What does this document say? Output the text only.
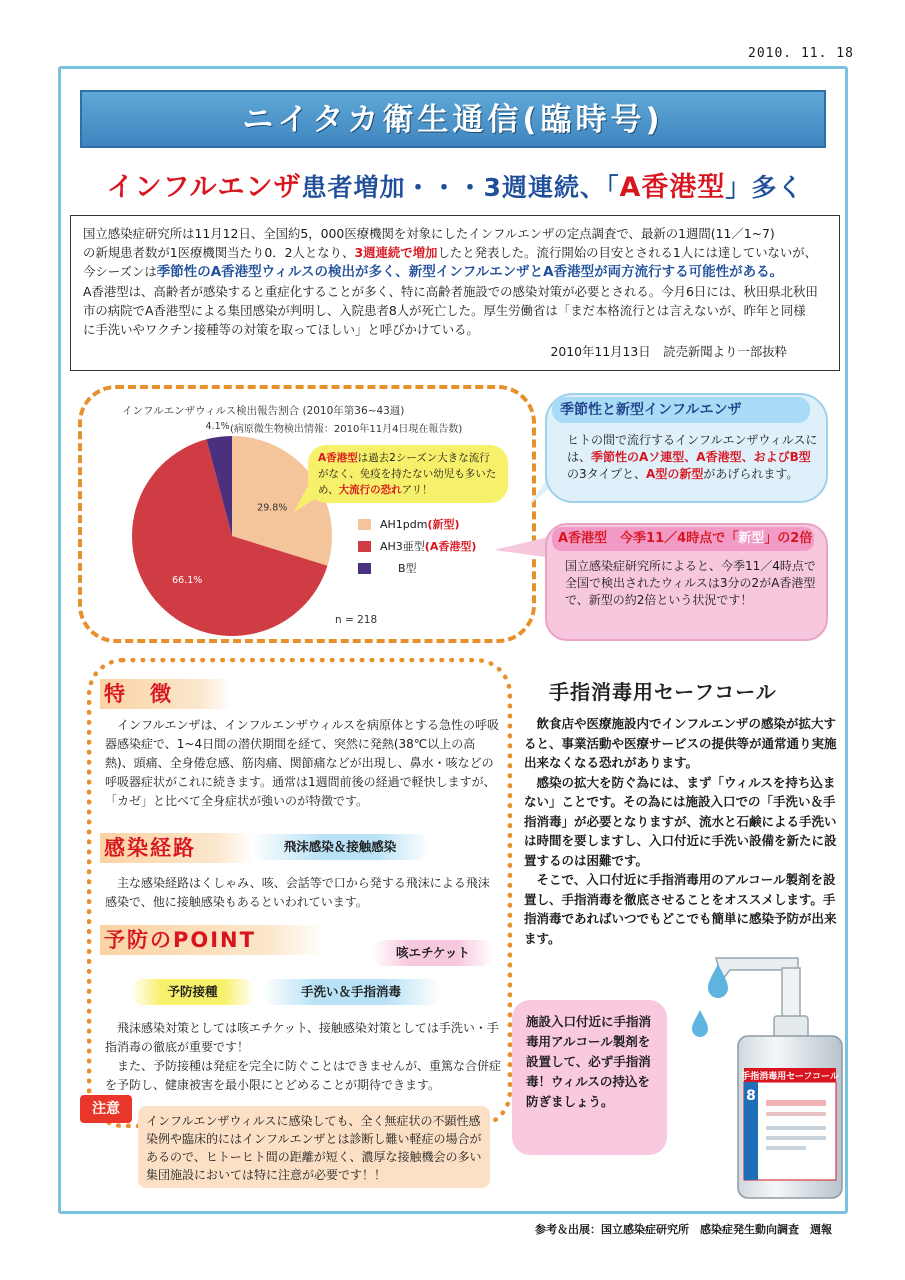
2010. 11. 18
ニイタカ衛生通信(臨時号)
インフルエンザ患者増加・・・3週連続、「A香港型」多く

国立感染症研究所は11月12日、全国約5，000医療機関を対象にしたインフルエンザの定点調査で、最新の1週間(11／1~7)

の新規患者数が1医療機関当たり0．2人となり、3週連続で増加したと発表した。流行開始の目安とされる1人には達していないが、

今シーズンは季節性のA香港型ウィルスの検出が多く、新型インフルエンザとA香港型が両方流行する可能性がある。

A香港型は、高齢者が感染すると重症化することが多く、特に高齢者施設での感染対策が必要とされる。今月6日には、秋田県北秋田

市の病院でA香港型による集団感染が判明し、入院患者8人が死亡した。厚生労働省は「まだ本格流行とは言えないが、昨年と同様

に手洗いやワクチン接種等の対策を取ってほしい」と呼びかけている。

2010年11月13日　読売新聞より一部抜粋

インフルエンザウィルス検出報告割合 (2010年第36~43週)
(病原微生物検出情報：2010年11月4日現在報告数)
29.8%
66.1%
4.1%
A香港型は過去2シーズン大きな流行がなく、免疫を持たない幼児も多いため、大流行の恐れアリ！
AH1pdm (新型)
AH3亜型 (A香港型)
B型
n = 218
季節性と新型インフルエンザ
ヒトの間で流行するインフルエンザウィルスには、季節性のAソ連型、A香港型、およびB型の3タイプと、A型の新型があげられます。
A香港型　今季11／4時点で「新型」の2倍
国立感染症研究所によると、今季11／4時点で全国で検出されたウィルスは3分の2がA香港型で、新型の約2倍という状況です！
特　徴
インフルエンザは、インフルエンザウィルスを病原体とする急性の呼吸器感染症で、1~4日間の潜伏期間を経て、突然に発熱(38℃以上の高熱)、頭痛、全身倦怠感、筋肉痛、関節痛などが出現し、鼻水・咳などの呼吸器症状がこれに続きます。通常は1週間前後の経過で軽快しますが、「カゼ」と比べて全身症状が強いのが特徴です。
感染経路	飛沫感染＆接触感染
主な感染経路はくしゃみ、咳、会話等で口から発する飛沫による飛沫感染で、他に接触感染もあるといわれています。
予防のPOINT
咳エチケット
予防接種	手洗い＆手指消毒
飛沫感染対策としては咳エチケット、接触感染対策としては手洗い・手指消毒の徹底が重要です！
また、予防接種は発症を完全に防ぐことはできませんが、重篤な合併症を予防し、健康被害を最小限にとどめることが期待できます。
注意
インフルエンザウィルスに感染しても、全く無症状の不顕性感染例や臨床的にはインフルエンザとは診断し難い軽症の場合があるので、ヒトーヒト間の距離が短く、濃厚な接触機会の多い集団施設においては特に注意が必要です！！
手指消毒用セーフコール

飲食店や医療施設内でインフルエンザの感染が拡大すると、事業活動や医療サービスの提供等が通常通り実施出来なくなる恐れがあります。

感染の拡大を防ぐ為には、まず「ウィルスを持ち込まない」ことです。その為には施設入口での「手洗い＆手指消毒」が必要となりますが、流水と石鹸による手洗いは時間を要しますし、入口付近に手洗い設備を新たに設置するのは困難です。

そこで、入口付近に手指消毒用のアルコール製剤を設置し、手指消毒を徹底させることをオススメします。手指消毒であればいつでもどこでも簡単に感染予防が出来ます。

施設入口付近に手指消毒用アルコール製剤を設置して、必ず手指消毒！ウィルスの持込を防ぎましょう。
手指消毒用セーフコール
8
参考＆出展：国立感染症研究所　感染症発生動向調査　週報
